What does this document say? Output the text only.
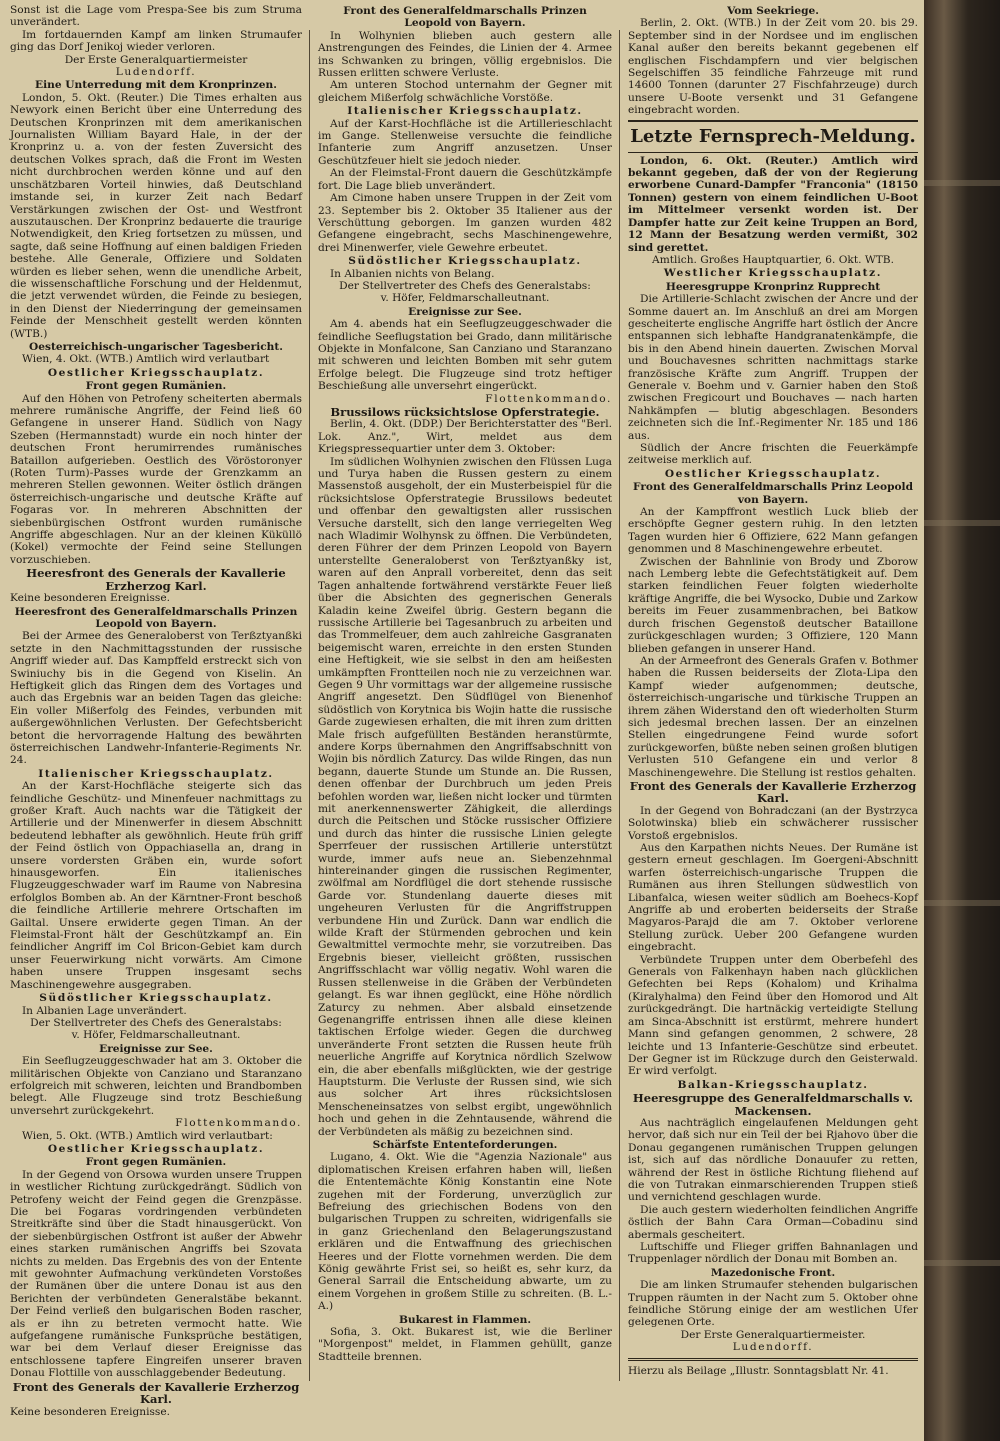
Sonst ist die Lage vom Prespa-See bis zum Struma unverändert.

Im fortdauernden Kampf am linken Strumaufer ging das Dorf Jenikoj wieder verloren.

Der Erste Generalquartiermeister
Ludendorff.
Eine Unterredung mit dem Kronprinzen.

London, 5. Okt. (Reuter.) Die Times erhalten aus Newyork einen Bericht über eine Unterredung des Deutschen Kronprinzen mit dem amerikanischen Journalisten William Bayard Hale, in der der Kronprinz u. a. von der festen Zuversicht des deutschen Volkes sprach, daß die Front im Westen nicht durchbrochen werden könne und auf den unschätzbaren Vorteil hinwies, daß Deutschland imstande sei, in kurzer Zeit nach Bedarf Verstärkungen zwischen der Ost- und Westfront auszutauschen. Der Kronprinz bedauerte die traurige Notwendigkeit, den Krieg fortsetzen zu müssen, und sagte, daß seine Hoffnung auf einen baldigen Frieden bestehe. Alle Generale, Offiziere und Soldaten würden es lieber sehen, wenn die unendliche Arbeit, die wissenschaftliche Forschung und der Heldenmut, die jetzt verwendet würden, die Feinde zu besiegen, in den Dienst der Niederringung der gemeinsamen Feinde der Menschheit gestellt werden könnten (WTB.)

Oesterreichisch-ungarischer Tagesbericht.

Wien, 4. Okt. (WTB.) Amtlich wird verlautbart

Oestlicher Kriegsschauplatz.
Front gegen Rumänien.

Auf den Höhen von Petrofeny scheiterten abermals mehrere rumänische Angriffe, der Feind ließ 60 Gefangene in unserer Hand. Südlich von Nagy Szeben (Hermannstadt) wurde ein noch hinter der deutschen Front herumirrendes rumänisches Bataillon aufgerieben. Oestlich des Vöröstoronyer (Roten Turm)-Passes wurde der Grenzkamm an mehreren Stellen gewonnen. Weiter östlich drängen österreichisch-ungarische und deutsche Kräfte auf Fogaras vor. In mehreren Abschnitten der siebenbürgischen Ostfront wurden rumänische Angriffe abgeschlagen. Nur an der kleinen Küküllö (Kokel) vermochte der Feind seine Stellungen vorzuschieben.

Heeresfront des Generals der Kavallerie Erzherzog Karl.

Keine besonderen Ereignisse.

Heeresfront des Generalfeldmarschalls Prinzen Leopold von Bayern.

Bei der Armee des Generaloberst von Terßztyanßki setzte in den Nachmittagsstunden der russische Angriff wieder auf. Das Kampffeld erstreckt sich von Swiniuchy bis in die Gegend von Kiselin. An Heftigkeit glich das Ringen dem des Vortages und auch das Ergebnis war an beiden Tagen das gleiche: Ein voller Mißerfolg des Feindes, verbunden mit außergewöhnlichen Verlusten. Der Gefechtsbericht betont die hervorragende Haltung des bewährten österreichischen Landwehr-Infanterie-Regiments Nr. 24.

Italienischer Kriegsschauplatz.

An der Karst-Hochfläche steigerte sich das feindliche Geschütz- und Minenfeuer nachmittags zu großer Kraft. Auch nachts war die Tätigkeit der Artillerie und der Minenwerfer in diesem Abschnitt bedeutend lebhafter als gewöhnlich. Heute früh griff der Feind östlich von Oppachiasella an, drang in unsere vordersten Gräben ein, wurde sofort hinausgeworfen. Ein italienisches Flugzeuggeschwader warf im Raume von Nabresina erfolglos Bomben ab. An der Kärntner-Front beschoß die feindliche Artillerie mehrere Ortschaften im Gailtal. Unsere erwiderte gegen Timan. An der Fleimstal-Front hält der Geschützkampf an. Ein feindlicher Angriff im Col Bricon-Gebiet kam durch unser Feuerwirkung nicht vorwärts. Am Cimone haben unsere Truppen insgesamt sechs Maschinengewehre ausgegraben.

Südöstlicher Kriegsschauplatz.

In Albanien Lage unverändert.

Der Stellvertreter des Chefs des Generalstabs:
v. Höfer, Feldmarschalleutnant.
Ereignisse zur See.

Ein Seeflugzeuggeschwader hat am 3. Oktober die militärischen Objekte von Canziano und Staranzano erfolgreich mit schweren, leichten und Brandbomben belegt. Alle Flugzeuge sind trotz Beschießung unversehrt zurückgekehrt.

Flottenkommando.

Wien, 5. Okt. (WTB.) Amtlich wird verlautbart:

Oestlicher Kriegsschauplatz.
Front gegen Rumänien.

In der Gegend von Orsowa wurden unsere Truppen in westlicher Richtung zurückgedrängt. Südlich von Petrofeny weicht der Feind gegen die Grenzpässe. Die bei Fogaras vordringenden verbündeten Streitkräfte sind über die Stadt hinausgerückt. Von der siebenbürgischen Ostfront ist außer der Abwehr eines starken rumänischen Angriffs bei Szovata nichts zu melden. Das Ergebnis des von der Entente mit gewohnter Aufmachung verkündeten Vorstoßes der Rumänen über die untere Donau ist aus den Berichten der verbündeten Generalstäbe bekannt. Der Feind verließ den bulgarischen Boden rascher, als er ihn zu betreten vermocht hatte. Wie aufgefangene rumänische Funksprüche bestätigen, war bei dem Verlauf dieser Ereignisse das entschlossene tapfere Eingreifen unserer braven Donau Flottille von ausschlaggebender Bedeutung.

Front des Generals der Kavallerie Erzherzog Karl.

Keine besonderen Ereignisse.

Front des Generalfeldmarschalls Prinzen Leopold von Bayern.

In Wolhynien blieben auch gestern alle Anstrengungen des Feindes, die Linien der 4. Armee ins Schwanken zu bringen, völlig ergebnislos. Die Russen erlitten schwere Verluste.

Am unteren Stochod unternahm der Gegner mit gleichem Mißerfolg schwächliche Vorstöße.

Italienischer Kriegsschauplatz.

Auf der Karst-Hochfläche ist die Artillerieschlacht im Gange. Stellenweise versuchte die feindliche Infanterie zum Angriff anzusetzen. Unser Geschützfeuer hielt sie jedoch nieder.

An der Fleimstal-Front dauern die Geschützkämpfe fort. Die Lage blieb unverändert.

Am Cimone haben unsere Truppen in der Zeit vom 23. September bis 2. Oktober 35 Italiener aus der Verschüttung geborgen. Im ganzen wurden 482 Gefangene eingebracht, sechs Maschinengewehre, drei Minenwerfer, viele Gewehre erbeutet.

Südöstlicher Kriegsschauplatz.

In Albanien nichts von Belang.

Der Stellvertreter des Chefs des Generalstabs:
v. Höfer, Feldmarschalleutnant.
Ereignisse zur See.

Am 4. abends hat ein Seeflugzeuggeschwader die feindliche Seeflugstation bei Grado, dann militärische Objekte in Monfalcone, San Canziano und Staranzano mit schweren und leichten Bomben mit sehr gutem Erfolge belegt. Die Flugzeuge sind trotz heftiger Beschießung alle unversehrt eingerückt.

Flottenkommando.
Brussilows rücksichtslose Opferstrategie.

Berlin, 4. Okt. (DDP.) Der Berichterstatter des "Berl. Lok. Anz.", Wirt, meldet aus dem Kriegspressequartier unter dem 3. Oktober:

Im südlichen Wolhynien zwischen den Flüssen Luga und Turya haben die Russen gestern zu einem Massenstoß ausgeholt, der ein Musterbeispiel für die rücksichtslose Opferstrategie Brussilows bedeutet und offenbar den gewaltigsten aller russischen Versuche darstellt, sich den lange verriegelten Weg nach Wladimir Wolhynsk zu öffnen. Die Verbündeten, deren Führer der dem Prinzen Leopold von Bayern unterstellte Generaloberst von Terßztyanßky ist, waren auf den Anprall vorbereitet, denn das seit Tagen anhaltende fortwährend verstärkte Feuer ließ über die Absichten des gegnerischen Generals Kaladin keine Zweifel übrig. Gestern begann die russische Artillerie bei Tagesanbruch zu arbeiten und das Trommelfeuer, dem auch zahlreiche Gasgranaten beigemischt waren, erreichte in den ersten Stunden eine Heftigkeit, wie sie selbst in den am heißesten umkämpften Frontteilen noch nie zu verzeichnen war. Gegen 9 Uhr vormittags war der allgemeine russische Angriff angesetzt. Den Südflügel von Bienenhof südöstlich von Korytnica bis Wojin hatte die russische Garde zugewiesen erhalten, die mit ihren zum dritten Male frisch aufgefüllten Beständen heranstürmte, andere Korps übernahmen den Angriffsabschnitt von Wojin bis nördlich Zaturcy. Das wilde Ringen, das nun begann, dauerte Stunde um Stunde an. Die Russen, denen offenbar der Durchbruch um jeden Preis befohlen worden war, ließen nicht locker und türmten mit anerkennenswerter Zähigkeit, die allerdings durch die Peitschen und Stöcke russischer Offiziere und durch das hinter die russische Linien gelegte Sperrfeuer der russischen Artillerie unterstützt wurde, immer aufs neue an. Siebenzehnmal hintereinander gingen die russischen Regimenter, zwölfmal am Nordflügel die dort stehende russische Garde vor. Stundenlang dauerte dieses mit ungeheuren Verlusten für die Angriffstruppen verbundene Hin und Zurück. Dann war endlich die wilde Kraft der Stürmenden gebrochen und kein Gewaltmittel vermochte mehr, sie vorzutreiben. Das Ergebnis bieser, vielleicht größten, russischen Angriffsschlacht war völlig negativ. Wohl waren die Russen stellenweise in die Gräben der Verbündeten gelangt. Es war ihnen geglückt, eine Höhe nördlich Zaturcy zu nehmen. Aber alsbald einsetzende Gegenangriffe entrissen ihnen alle diese kleinen taktischen Erfolge wieder. Gegen die durchweg unveränderte Front setzten die Russen heute früh neuerliche Angriffe auf Korytnica nördlich Szelwow ein, die aber ebenfalls mißglückten, wie der gestrige Hauptsturm. Die Verluste der Russen sind, wie sich aus solcher Art ihres rücksichtslosen Menscheneinsatzes von selbst ergibt, ungewöhnlich hoch und gehen in die Zehntausende, während die der Verbündeten als mäßig zu bezeichnen sind.

Schärfste Ententeforderungen.

Lugano, 4. Okt. Wie die "Agenzia Nazionale" aus diplomatischen Kreisen erfahren haben will, ließen die Ententemächte König Konstantin eine Note zugehen mit der Forderung, unverzüglich zur Befreiung des griechischen Bodens von den bulgarischen Truppen zu schreiten, widrigenfalls sie in ganz Griechenland den Belagerungszustand erklären und die Entwaffnung des griechischen Heeres und der Flotte vornehmen werden. Die dem König gewährte Frist sei, so heißt es, sehr kurz, da General Sarrail die Entscheidung abwarte, um zu einem Vorgehen in großem Stille zu schreiten. (B. L.-A.)

Bukarest in Flammen.

Sofia, 3. Okt. Bukarest ist, wie die Berliner "Morgenpost" meldet, in Flammen gehüllt, ganze Stadtteile brennen.

Vom Seekriege.

Berlin, 2. Okt. (WTB.) In der Zeit vom 20. bis 29. September sind in der Nordsee und im englischen Kanal außer den bereits bekannt gegebenen elf englischen Fischdampfern und vier belgischen Segelschiffen 35 feindliche Fahrzeuge mit rund 14600 Tonnen (darunter 27 Fischfahrzeuge) durch unsere U-Boote versenkt und 31 Gefangene eingebracht worden.

Letzte Fernsprech-Meldung.

London, 6. Okt. (Reuter.) Amtlich wird bekannt gegeben, daß der von der Regierung erworbene Cunard-Dampfer "Franconia" (18150 Tonnen) gestern von einem feindlichen U-Boot im Mittelmeer versenkt worden ist. Der Dampfer hatte zur Zeit keine Truppen an Bord, 12 Mann der Besatzung werden vermißt, 302 sind gerettet.

Amtlich. Großes Hauptquartier, 6. Okt. WTB.
Westlicher Kriegsschauplatz.
Heeresgruppe Kronprinz Rupprecht

Die Artillerie-Schlacht zwischen der Ancre und der Somme dauert an. Im Anschluß an drei am Morgen gescheiterte englische Angriffe hart östlich der Ancre entspannen sich lebhafte Handgranatenkämpfe, die bis in den Abend hinein dauerten. Zwischen Morval und Bouchavesnes schritten nachmittags starke französische Kräfte zum Angriff. Truppen der Generale v. Boehm und v. Garnier haben den Stoß zwischen Fregicourt und Bouchaves — nach harten Nahkämpfen — blutig abgeschlagen. Besonders zeichneten sich die Inf.-Regimenter Nr. 185 und 186 aus.

Südlich der Ancre frischten die Feuerkämpfe zeitweise merklich auf.

Oestlicher Kriegsschauplatz.
Front des Generalfeldmarschalls Prinz Leopold von Bayern.

An der Kampffront westlich Luck blieb der erschöpfte Gegner gestern ruhig. In den letzten Tagen wurden hier 6 Offiziere, 622 Mann gefangen genommen und 8 Maschinengewehre erbeutet.

Zwischen der Bahnlinie von Brody und Zborow nach Lemberg lebte die Gefechtstätigkeit auf. Dem starken feindlichen Feuer folgten wiederholte kräftige Angriffe, die bei Wysocko, Dubie und Zarkow bereits im Feuer zusammenbrachen, bei Batkow durch frischen Gegenstoß deutscher Bataillone zurückgeschlagen wurden; 3 Offiziere, 120 Mann blieben gefangen in unserer Hand.

An der Armeefront des Generals Grafen v. Bothmer haben die Russen beiderseits der Zlota-Lipa den Kampf wieder aufgenommen; deutsche, österreichisch-ungarische und türkische Truppen an ihrem zähen Widerstand den oft wiederholten Sturm sich jedesmal brechen lassen. Der an einzelnen Stellen eingedrungene Feind wurde sofort zurückgeworfen, büßte neben seinen großen blutigen Verlusten 510 Gefangene ein und verlor 8 Maschinengewehre. Die Stellung ist restlos gehalten.

Front des Generals der Kavallerie Erzherzog Karl.

In der Gegend von Bohradczani (an der Bystrzyca Solotwinska) blieb ein schwächerer russischer Vorstoß ergebnislos.

Aus den Karpathen nichts Neues. Der Rumäne ist gestern erneut geschlagen. Im Goergeni-Abschnitt warfen österreichisch-ungarische Truppen die Rumänen aus ihren Stellungen südwestlich von Libanfalca, wiesen weiter südlich am Boehecs-Kopf Angriffe ab und eroberten beiderseits der Straße Magyaros-Parajd die am 7. Oktober verlorene Stellung zurück. Ueber 200 Gefangene wurden eingebracht.

Verbündete Truppen unter dem Oberbefehl des Generals von Falkenhayn haben nach glücklichen Gefechten bei Reps (Kohalom) und Krihalma (Kiralyhalma) den Feind über den Homorod und Alt zurückgedrängt. Die hartnäckig verteidigte Stellung am Sinca-Abschnitt ist erstürmt, mehrere hundert Mann sind gefangen genommen, 2 schwere, 28 leichte und 13 Infanterie-Geschütze sind erbeutet. Der Gegner ist im Rückzuge durch den Geisterwald. Er wird verfolgt.

Balkan-Kriegsschauplatz.
Heeresgruppe des Generalfeldmarschalls v. Mackensen.

Aus nachträglich eingelaufenen Meldungen geht hervor, daß sich nur ein Teil der bei Rjahovo über die Donau gegangenen rumänischen Truppen gelungen ist, sich auf das nördliche Donauufer zu retten, während der Rest in östliche Richtung fliehend auf die von Tutrakan einmarschierenden Truppen stieß und vernichtend geschlagen wurde.

Die auch gestern wiederholten feindlichen Angriffe östlich der Bahn Cara Orman—Cobadinu sind abermals gescheitert.

Luftschiffe und Flieger griffen Bahnanlagen und Truppenlager nördlich der Donau mit Bomben an.

Mazedonische Front.

Die am linken Strumaufer stehenden bulgarischen Truppen räumten in der Nacht zum 5. Oktober ohne feindliche Störung einige der am westlichen Ufer gelegenen Orte.

Der Erste Generalquartiermeister.
Ludendorff.
Hierzu als Beilage „Illustr. Sonntagsblatt Nr. 41.
